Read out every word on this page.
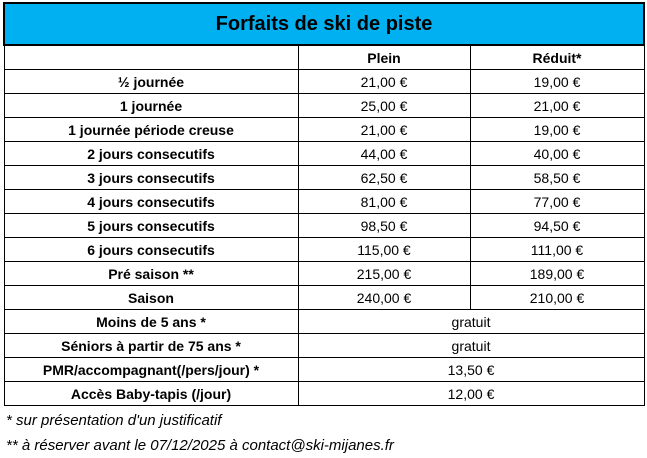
Forfaits de ski de piste		
	Plein	Réduit*
½ journée	21,00 €	19,00 €
1 journée	25,00 €	21,00 €
1 journée période creuse	21,00 €	19,00 €
2 jours consecutifs	44,00 €	40,00 €
3 jours consecutifs	62,50 €	58,50 €
4 jours consecutifs	81,00 €	77,00 €
5 jours consecutifs	98,50 €	94,50 €
6 jours consecutifs	115,00 €	111,00 €
Pré saison **	215,00 €	189,00 €
Saison	240,00 €	210,00 €
Moins de 5 ans *	gratuit	
Séniors à partir de 75 ans *	gratuit	
PMR/accompagnant(/pers/jour) *	13,50 €	
Accès Baby-tapis (/jour)	12,00 €	
* sur présentation d'un justificatif
** à réserver avant le 07/12/2025 à contact@ski-mijanes.fr
